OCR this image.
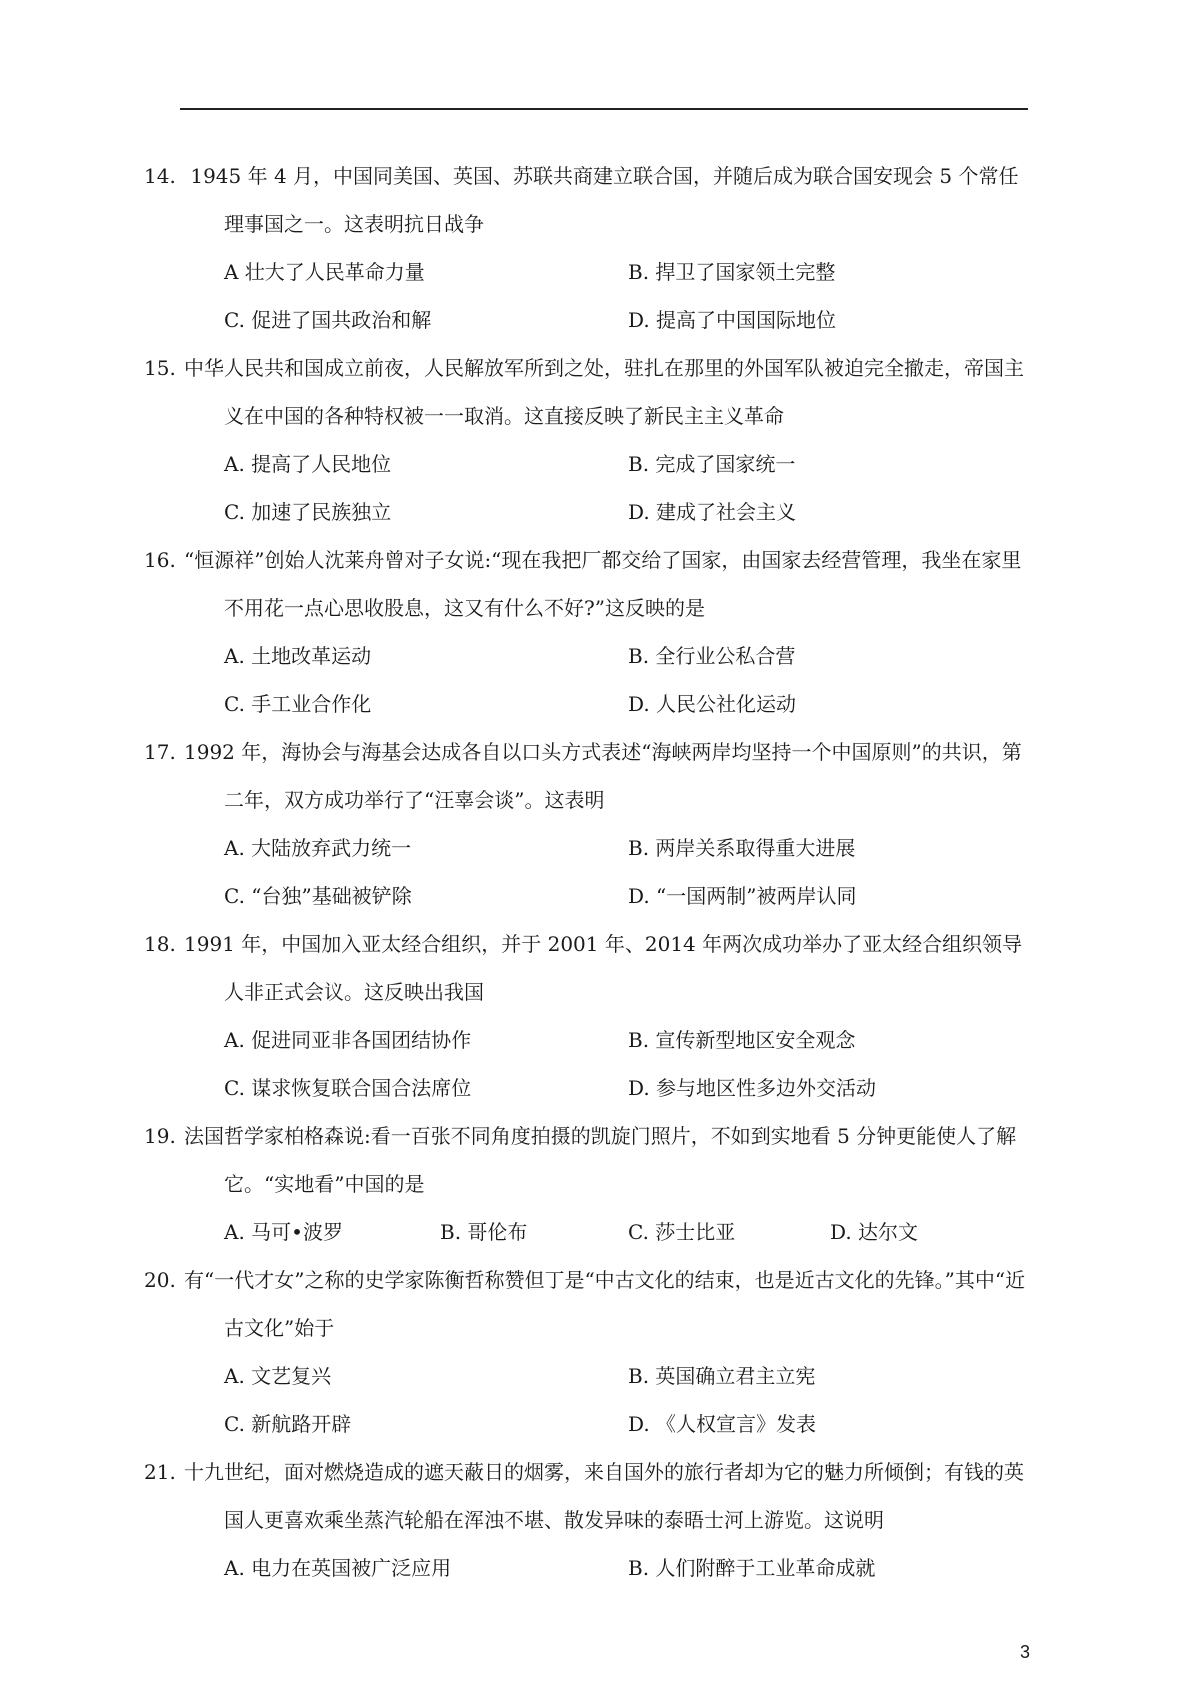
14. 1945 年 4 月，中国同美国、英国、苏联共商建立联合国，并随后成为联合国安现会 5 个常任理事国之一。这表明抗日战争

A 壮大了人民革命力量	B. 捍卫了国家领土完整
C. 促进了国共政治和解	D. 提高了中国国际地位

15. 中华人民共和国成立前夜，人民解放军所到之处，驻扎在那里的外国军队被迫完全撤走，帝国主义在中国的各种特权被一一取消。这直接反映了新民主主义革命

A. 提高了人民地位	B. 完成了国家统一
C. 加速了民族独立	D. 建成了社会主义

16. “恒源祥”创始人沈莱舟曾对子女说:“现在我把厂都交给了国家，由国家去经营管理，我坐在家里不用花一点心思收股息，这又有什么不好?”这反映的是

A. 土地改革运动	B. 全行业公私合营
C. 手工业合作化	D. 人民公社化运动

17. 1992 年，海协会与海基会达成各自以口头方式表述“海峡两岸均坚持一个中国原则”的共识，第二年，双方成功举行了“汪辜会谈”。这表明

A. 大陆放弃武力统一	B. 两岸关系取得重大进展
C. “台独”基础被铲除	D. “一国两制”被两岸认同

18. 1991 年，中国加入亚太经合组织，并于 2001 年、2014 年两次成功举办了亚太经合组织领导人非正式会议。这反映出我国

A. 促进同亚非各国团结协作	B. 宣传新型地区安全观念
C. 谋求恢复联合国合法席位	D. 参与地区性多边外交活动

19. 法国哲学家柏格森说:看一百张不同角度拍摄的凯旋门照片，不如到实地看 5 分钟更能使人了解它。“实地看”中国的是

A. 马可•波罗	B. 哥伦布	C. 莎士比亚	D. 达尔文

20. 有“一代才女”之称的史学家陈衡哲称赞但丁是“中古文化的结束，也是近古文化的先锋。”其中“近古文化”始于

A. 文艺复兴	B. 英国确立君主立宪
C. 新航路开辟	D. 《人权宣言》发表

21. 十九世纪，面对燃烧造成的遮天蔽日的烟雾，来自国外的旅行者却为它的魅力所倾倒；有钱的英国人更喜欢乘坐蒸汽轮船在浑浊不堪、散发异味的泰晤士河上游览。这说明

A. 电力在英国被广泛应用	B. 人们附醉于工业革命成就
3
